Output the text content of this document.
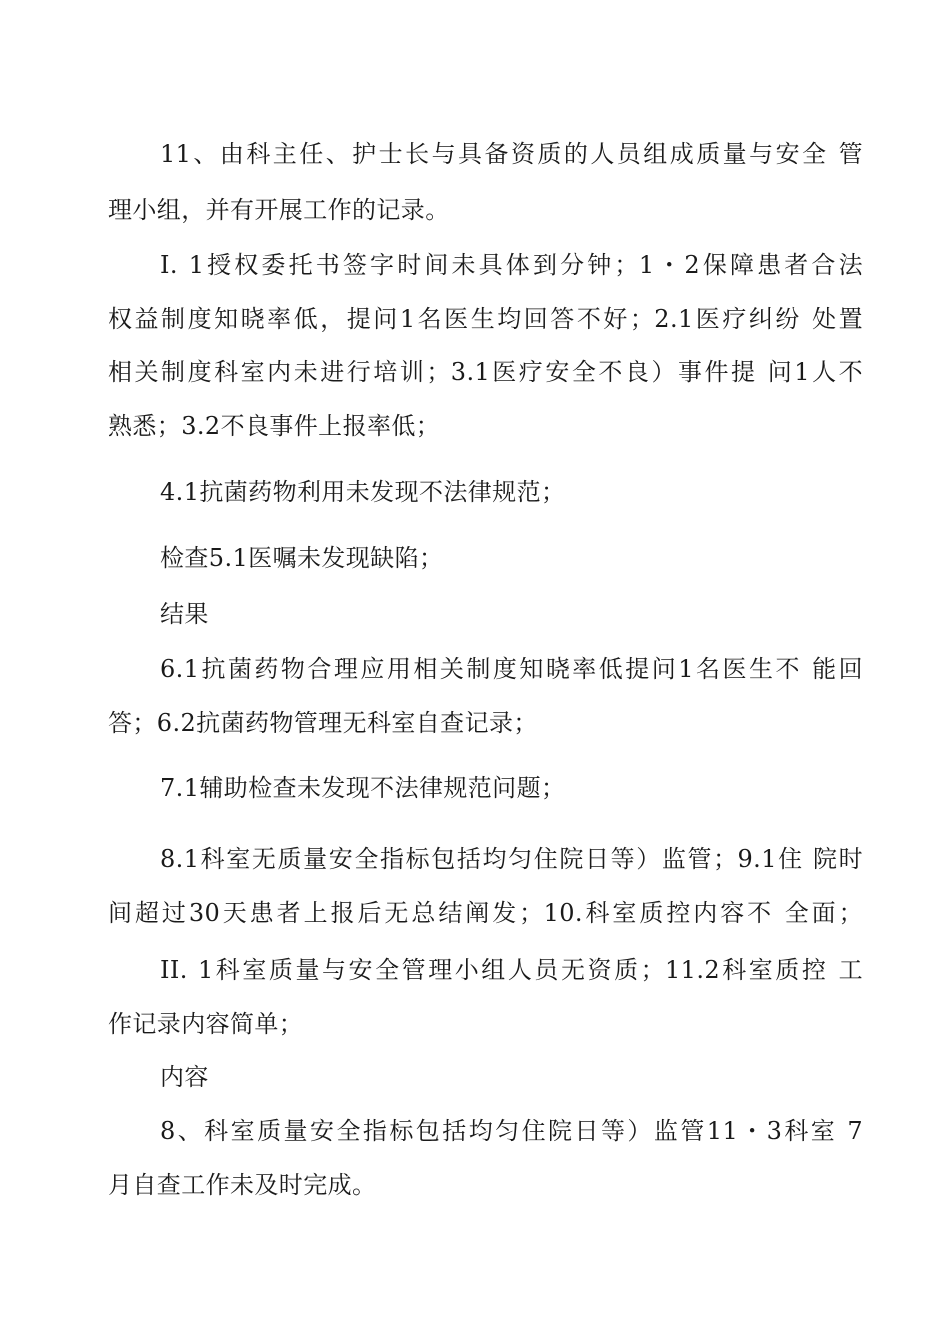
11、由科主任、护士长与具备资质的人员组成质量与安全 管
理小组，并有开展工作的记录。
I. 1授权委托书签字时间未具体到分钟；1・2保障患者合法
权益制度知晓率低，提问1名医生均回答不好；2.1医疗纠纷 处置
相关制度科室内未进行培训；3.1医疗安全不良）事件提 问1人不
熟悉；3.2不良事件上报率低；
4.1抗菌药物利用未发现不法律规范；
检查5.1医嘱未发现缺陷；
结果
6.1抗菌药物合理应用相关制度知晓率低提问1名医生不 能回
答；6.2抗菌药物管理无科室自查记录；
7.1辅助检查未发现不法律规范问题；
8.1科室无质量安全指标包括均匀住院日等）监管；9.1住 院时
间超过30天患者上报后无总结阐发；10.科室质控内容不 全面；
II. 1科室质量与安全管理小组人员无资质；11.2科室质控 工
作记录内容简单；
内容
8、科室质量安全指标包括均匀住院日等）监管11・3科室 7
月自查工作未及时完成。
